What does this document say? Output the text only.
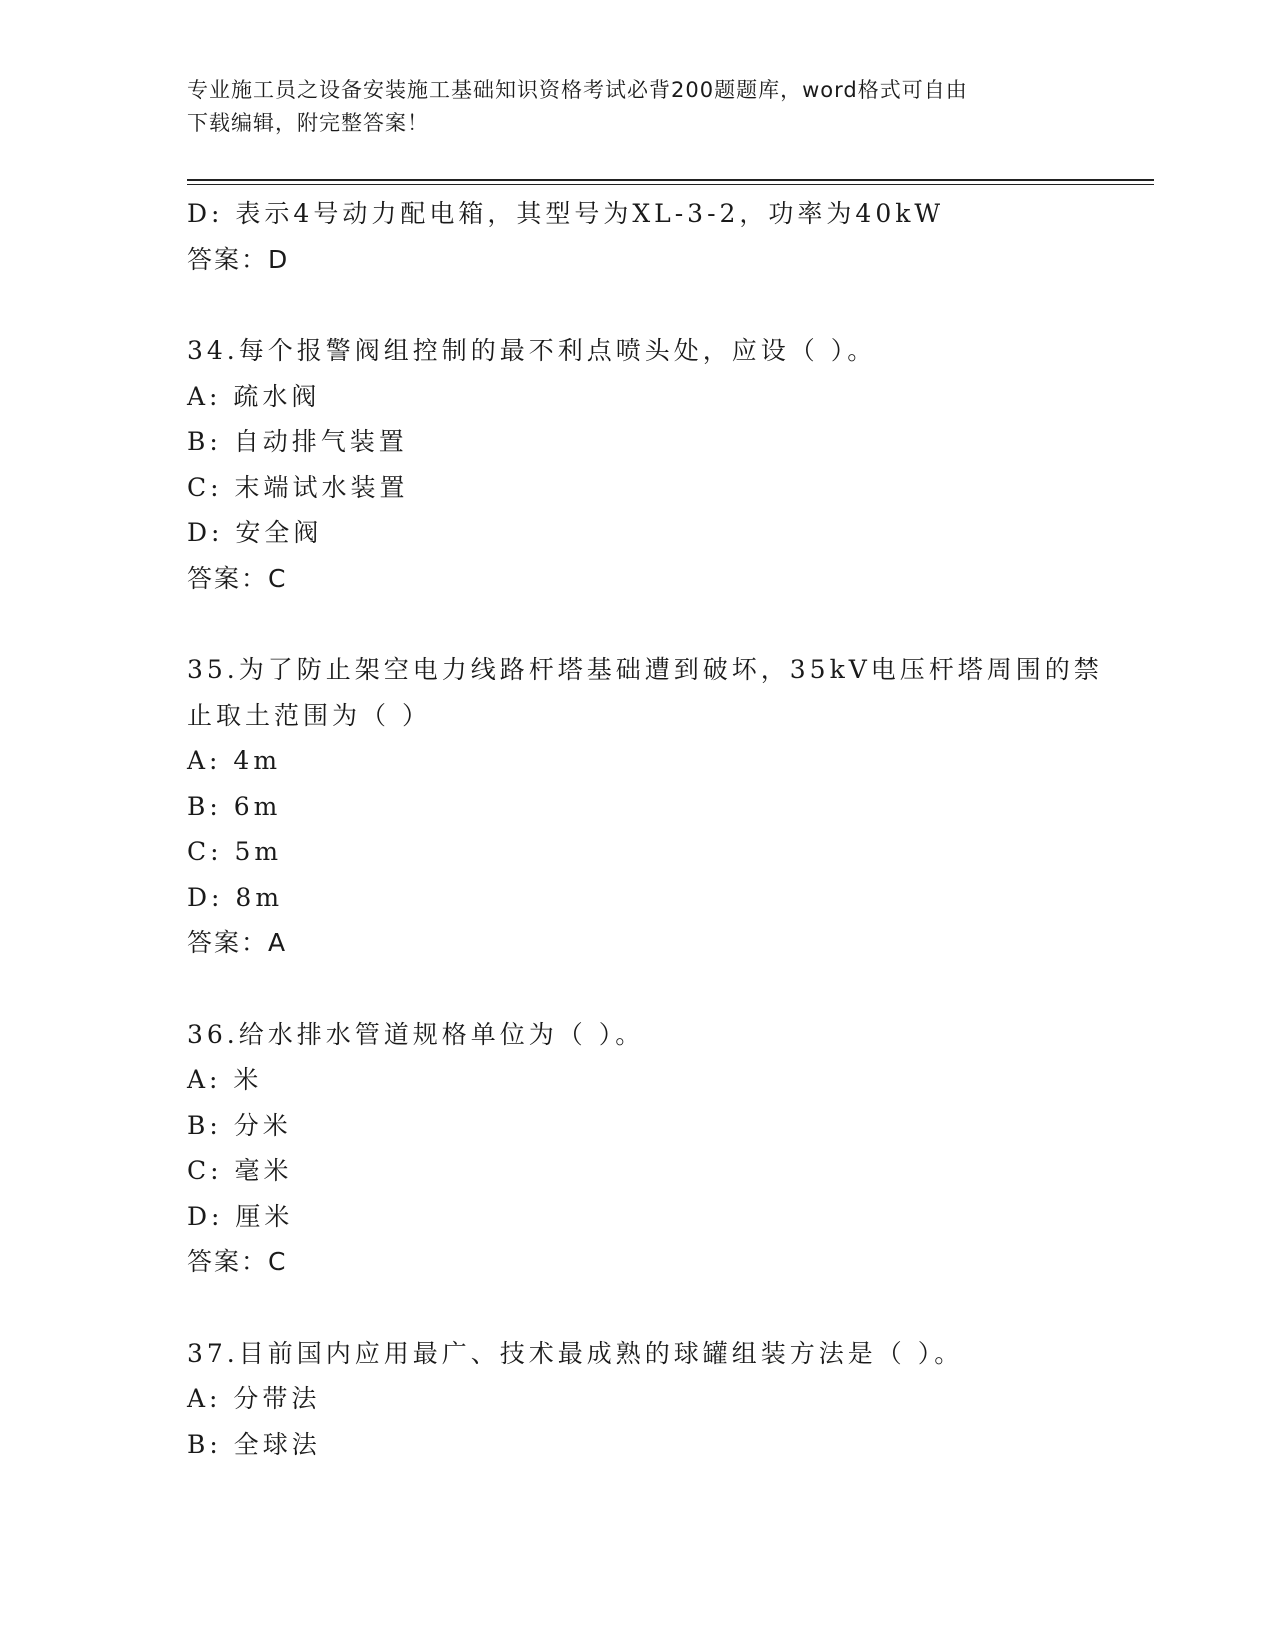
专业施工员之设备安装施工基础知识资格考试必背200题题库，word格式可自由
下载编辑，附完整答案！
D: 表示4号动力配电箱，其型号为XL-3-2，功率为40kW
答案：D
34.每个报警阀组控制的最不利点喷头处，应设（ ）。
A: 疏水阀
B: 自动排气装置
C: 末端试水装置
D: 安全阀
答案：C
35.为了防止架空电力线路杆塔基础遭到破坏，35kV电压杆塔周围的禁
止取土范围为（ ）
A: 4m
B: 6m
C: 5m
D: 8m
答案：A
36.给水排水管道规格单位为（ ）。
A: 米
B: 分米
C: 毫米
D: 厘米
答案：C
37.目前国内应用最广、技术最成熟的球罐组装方法是（ ）。
A: 分带法
B: 全球法
